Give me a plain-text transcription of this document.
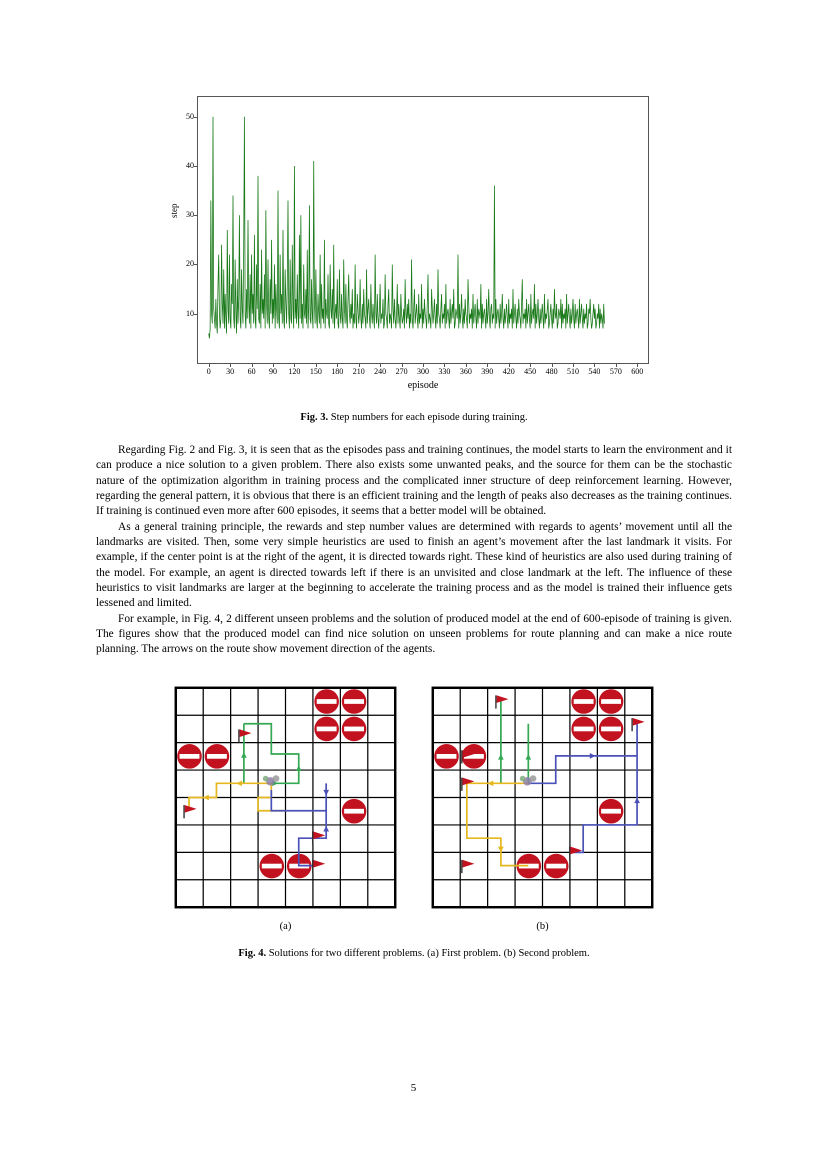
step
10
20
30
40
50
0 30 60 90 120 150 180 210 240 270 300 330 360 390 420 450 480 510 540 570 600
episode
Fig. 3. Step numbers for each episode during training.

Regarding Fig. 2 and Fig. 3, it is seen that as the episodes pass and training continues, the model starts to learn the environment and it can produce a nice solution to a given problem. There also exists some unwanted peaks, and the source for them can be the stochastic nature of the optimization algorithm in training process and the complicated inner structure of deep reinforcement learning. However, regarding the general pattern, it is obvious that there is an efficient training and the length of peaks also decreases as the training continues. If training is continued even more after 600 episodes, it seems that a better model will be obtained.

As a general training principle, the rewards and step number values are determined with regards to agents’ movement until all the landmarks are visited. Then, some very simple heuristics are used to finish an agent’s movement after the last landmark it visits. For example, if the center point is at the right of the agent, it is directed towards right. These kind of heuristics are also used during training of the model. For example, an agent is directed towards left if there is an unvisited and close landmark at the left. The influence of these heuristics to visit landmarks are larger at the beginning to accelerate the training process and as the model is trained their influence gets lessened and limited.

For example, in Fig. 4, 2 different unseen problems and the solution of produced model at the end of 600-episode of training is given. The figures show that the produced model can find nice solution on unseen problems for route planning and can make a nice route planning. The arrows on the route show movement direction of the agents.

(a)	(b)
Fig. 4. Solutions for two different problems. (a) First problem. (b) Second problem.
5
